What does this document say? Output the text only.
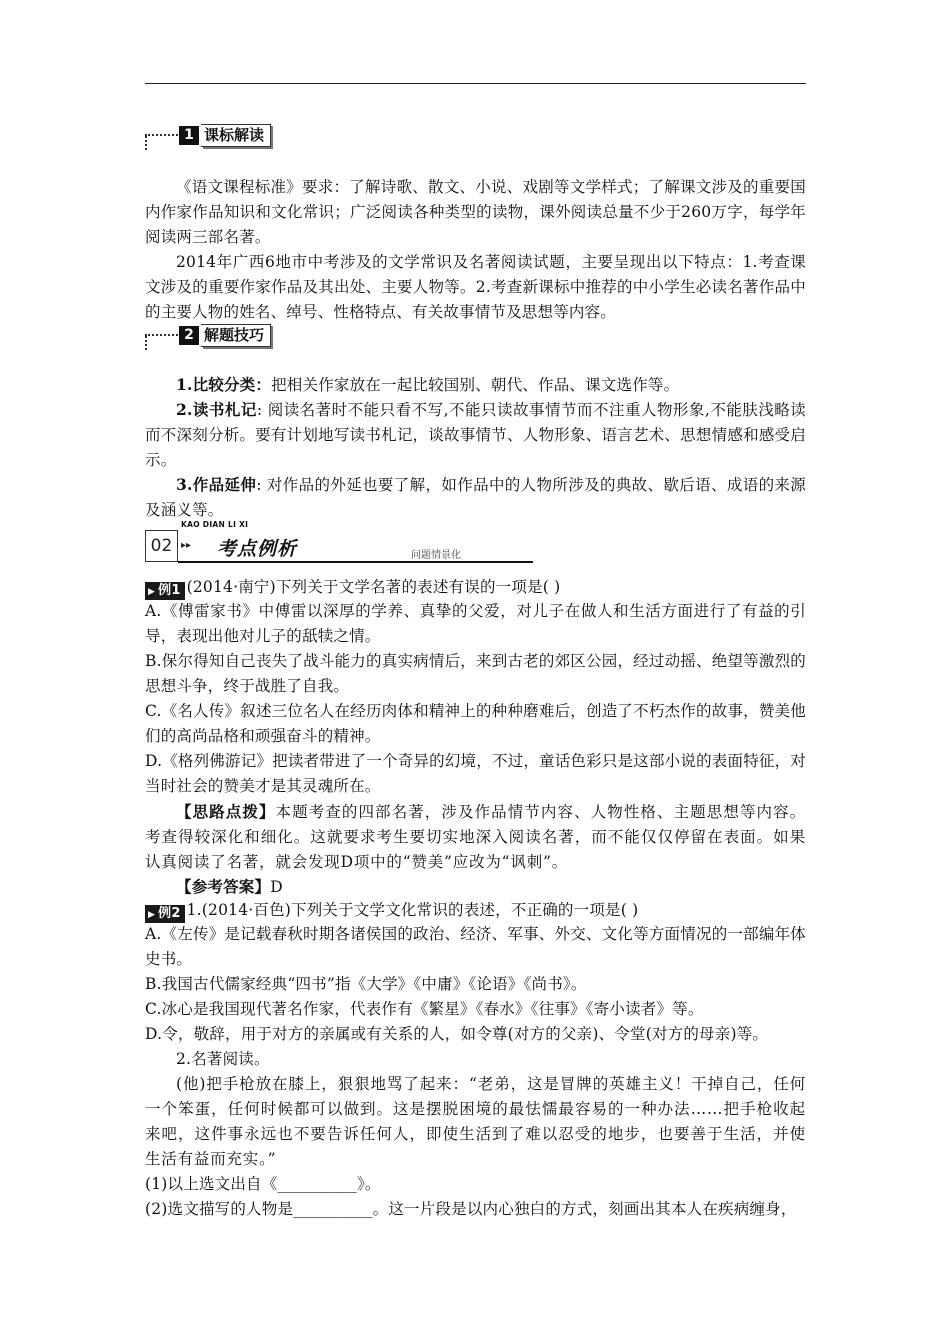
1 课标解读
《语文课程标准》要求：了解诗歌、散文、小说、戏剧等文学样式；了解课文涉及的重要国内作家作品知识和文化常识；广泛阅读各种类型的读物，课外阅读总量不少于260万字，每学年阅读两三部名著。
2014年广西6地市中考涉及的文学常识及名著阅读试题，主要呈现出以下特点：1.考查课文涉及的重要作家作品及其出处、主要人物等。2.考查新课标中推荐的中小学生必读名著作品中的主要人物的姓名、绰号、性格特点、有关故事情节及思想等内容。
2 解题技巧
1.比较分类：把相关作家放在一起比较国别、朝代、作品、课文选作等。
2.读书札记: 阅读名著时不能只看不写,不能只读故事情节而不注重人物形象,不能肤浅略读而不深刻分析。要有计划地写读书札记，谈故事情节、人物形象、语言艺术、思想情感和感受启示。
3.作品延伸: 对作品的外延也要了解，如作品中的人物所涉及的典故、歇后语、成语的来源及涵义等。
KAO DIAN LI XI
02 ▸▸ 考点例析	问题情景化
▶ 例1 (2014·南宁)下列关于文学名著的表述有误的一项是( )
A.《傅雷家书》中傅雷以深厚的学养、真挚的父爱，对儿子在做人和生活方面进行了有益的引导，表现出他对儿子的舐犊之情。
B.保尔得知自己丧失了战斗能力的真实病情后，来到古老的郊区公园，经过动摇、绝望等激烈的思想斗争，终于战胜了自我。
C.《名人传》叙述三位名人在经历肉体和精神上的种种磨难后，创造了不朽杰作的故事，赞美他们的高尚品格和顽强奋斗的精神。
D.《格列佛游记》把读者带进了一个奇异的幻境，不过，童话色彩只是这部小说的表面特征，对当时社会的赞美才是其灵魂所在。
【思路点拨】本题考查的四部名著，涉及作品情节内容、人物性格、主题思想等内容。考查得较深化和细化。这就要求考生要切实地深入阅读名著，而不能仅仅停留在表面。如果认真阅读了名著，就会发现D项中的“赞美”应改为“讽刺”。
【参考答案】D
▶ 例2 1.(2014·百色)下列关于文学文化常识的表述，不正确的一项是( )
A.《左传》是记载春秋时期各诸侯国的政治、经济、军事、外交、文化等方面情况的一部编年体史书。
B.我国古代儒家经典“四书”指《大学》《中庸》《论语》《尚书》。
C.冰心是我国现代著名作家，代表作有《繁星》《春水》《往事》《寄小读者》等。
D.令，敬辞，用于对方的亲属或有关系的人，如令尊(对方的父亲)、令堂(对方的母亲)等。
2.名著阅读。
(他)把手枪放在膝上，狠狠地骂了起来：“老弟，这是冒牌的英雄主义！干掉自己，任何一个笨蛋，任何时候都可以做到。这是摆脱困境的最怯懦最容易的一种办法……把手枪收起来吧，这件事永远也不要告诉任何人，即使生活到了难以忍受的地步，也要善于生活，并使生活有益而充实。”
(1)以上选文出自《__________》。
(2)选文描写的人物是__________。这一片段是以内心独白的方式，刻画出其本人在疾病缠身，
